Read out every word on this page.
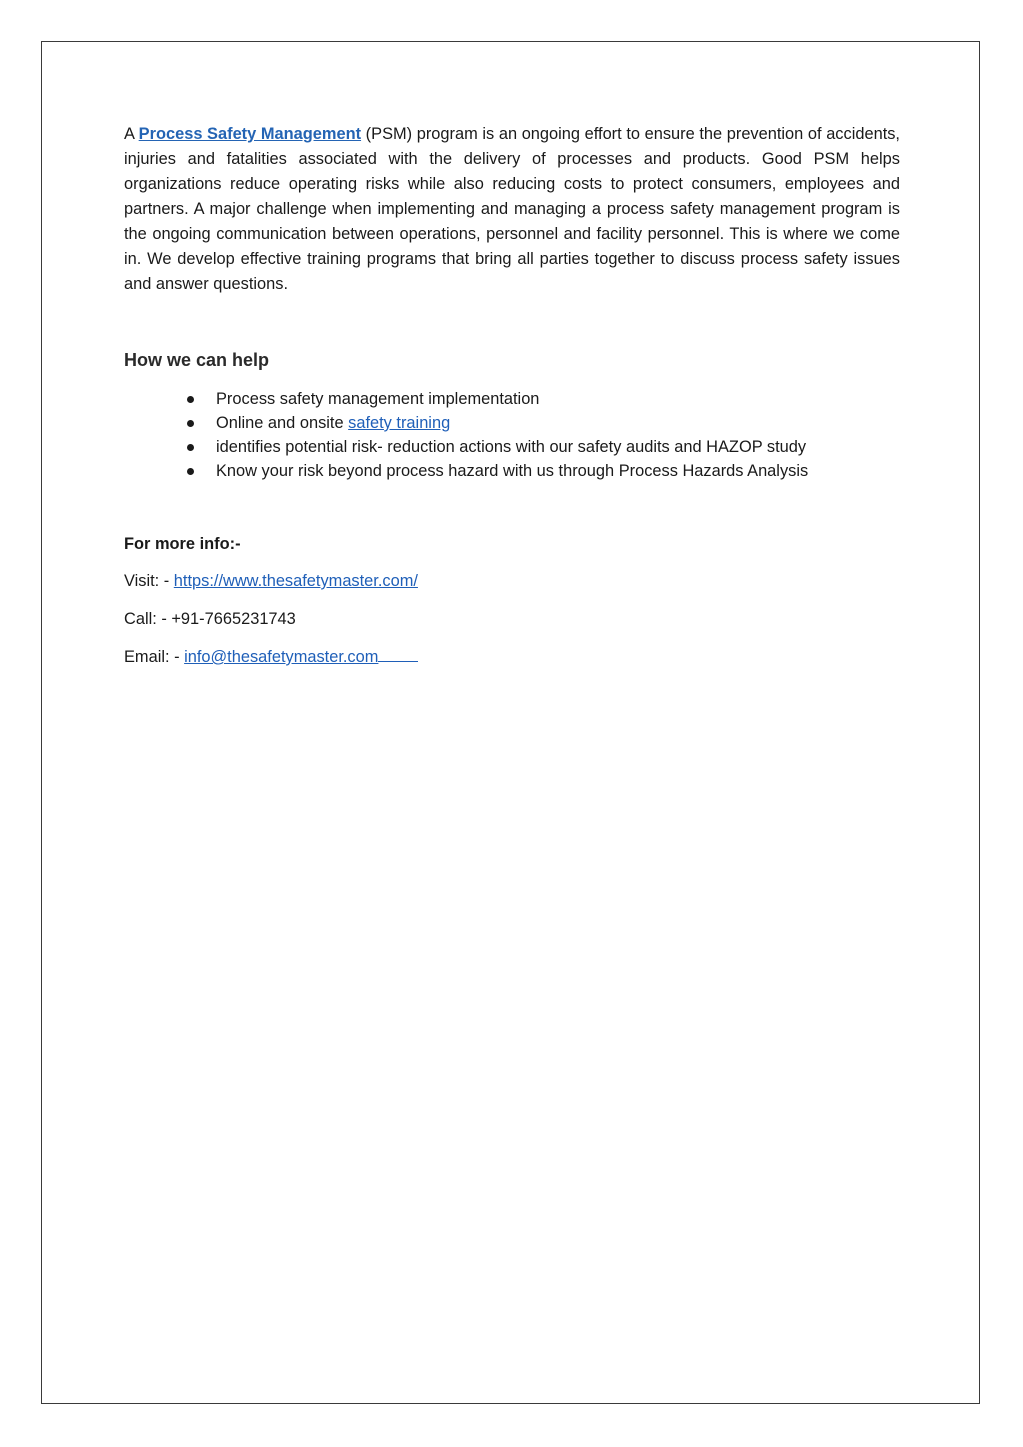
A Process Safety Management (PSM) program is an ongoing effort to ensure the prevention of accidents, injuries and fatalities associated with the delivery of processes and products. Good PSM helps organizations reduce operating risks while also reducing costs to protect consumers, employees and partners. A major challenge when implementing and managing a process safety management program is the ongoing communication between operations, personnel and facility personnel. This is where we come in. We develop effective training programs that bring all parties together to discuss process safety issues and answer questions.

How we can help
Process safety management implementation
Online and onsite safety training
identifies potential risk- reduction actions with our safety audits and HAZOP study
Know your risk beyond process hazard with us through Process Hazards Analysis

For more info:-

Visit: - https://www.thesafetymaster.com/

Call: - +91-7665231743

Email: - info@thesafetymaster.com
